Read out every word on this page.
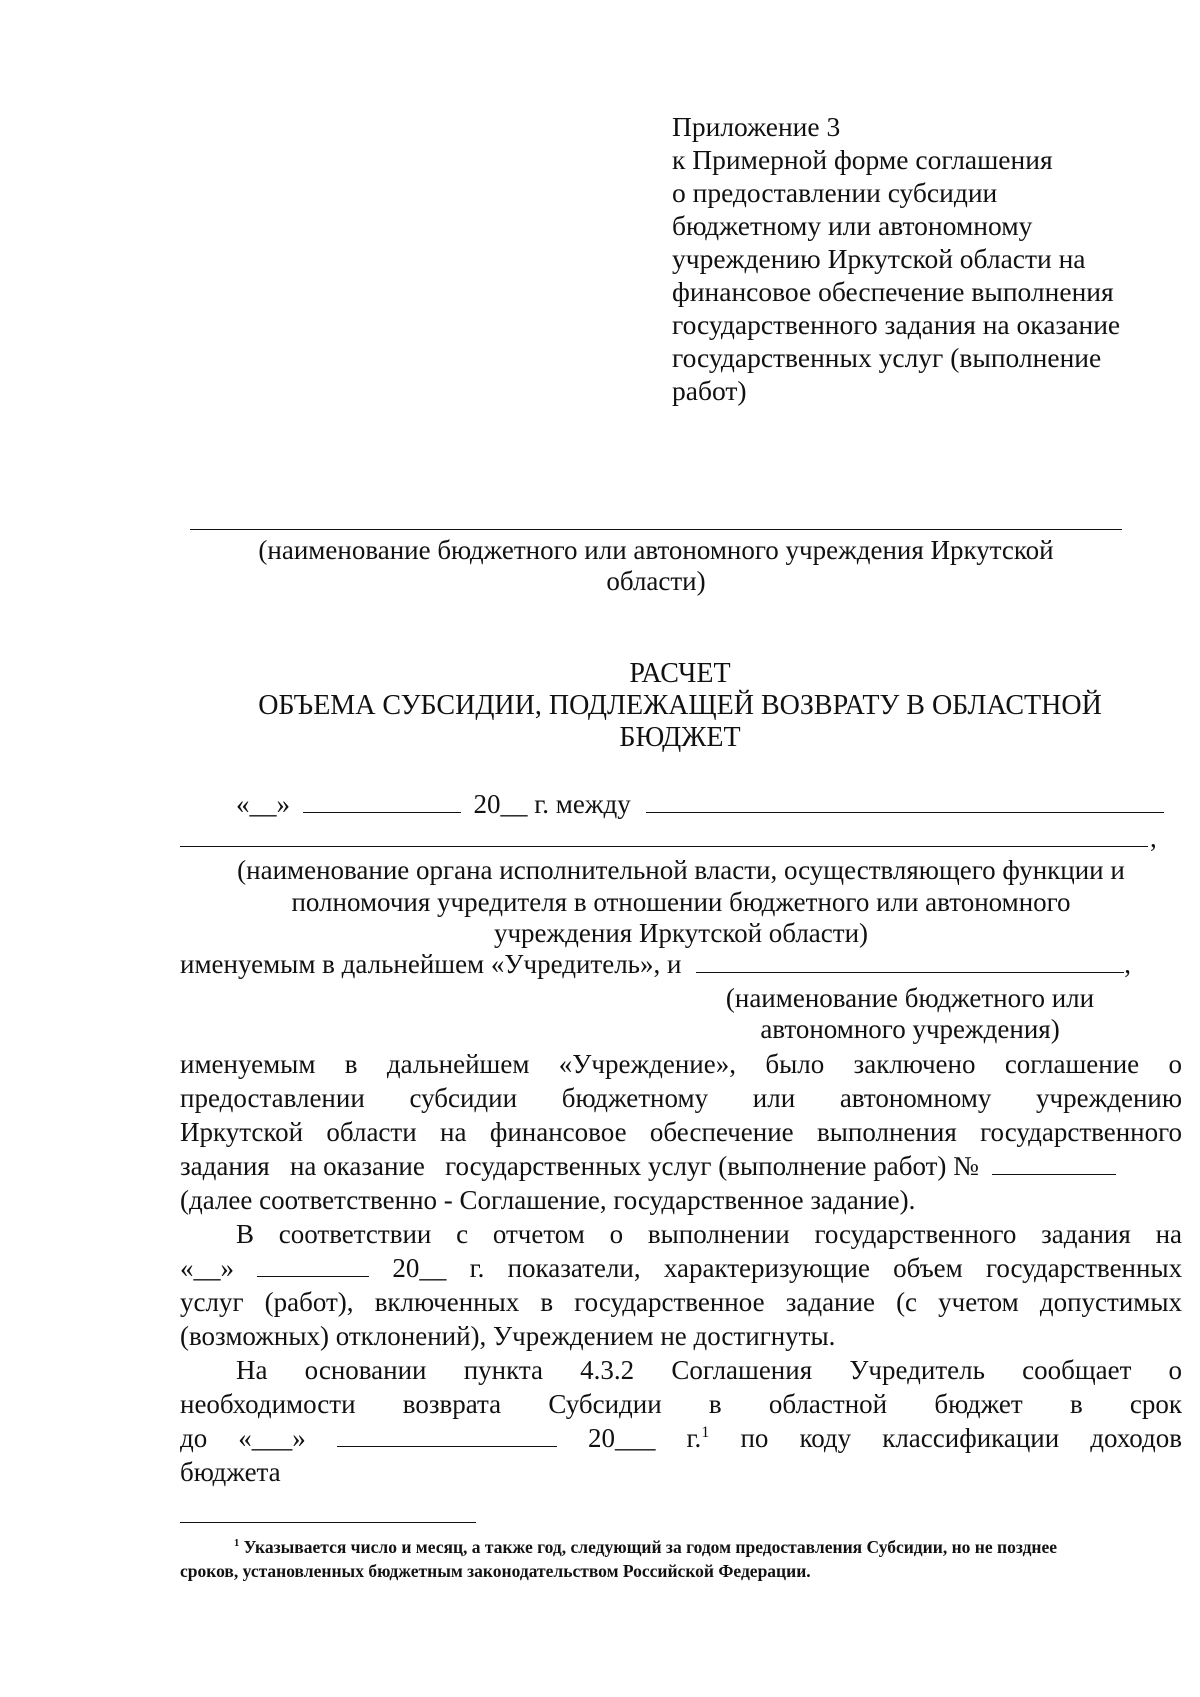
Приложение 3
к Примерной форме соглашения
о предоставлении субсидии
бюджетному или автономному
учреждению Иркутской области на
финансовое обеспечение выполнения
государственного задания на оказание
государственных услуг (выполнение
работ)
(наименование бюджетного или автономного учреждения Иркутской
области)
РАСЧЕТ
ОБЪЕМА СУБСИДИИ, ПОДЛЕЖАЩЕЙ ВОЗВРАТУ В ОБЛАСТНОЙ
БЮДЖЕТ
«__»	20__ г. между
,
(наименование органа исполнительной власти, осуществляющего функции и
полномочия учредителя в отношении бюджетного или автономного
учреждения Иркутской области)
именуемым в дальнейшем «Учредитель», и	,
(наименование бюджетного или
автономного учреждения)
именуемым в дальнейшем «Учреждение», было заключено соглашение о
предоставлении субсидии бюджетному или автономному учреждению
Иркутской области на финансовое обеспечение выполнения государственного
задания   на оказание   государственных услуг (выполнение работ) №
(далее соответственно - Соглашение, государственное задание).
В соответствии с отчетом о выполнении государственного задания на
«__»	20__ г. показатели, характеризующие объем государственных
услуг (работ), включенных в государственное задание (с учетом допустимых
(возможных) отклонений), Учреждением не достигнуты.
На основании пункта 4.3.2 Соглашения Учредитель сообщает о
необходимости возврата Субсидии в областной бюджет в срок
до «___»	20___ г.$^1$ по коду классификации доходов
бюджета
$^1$ Указывается число и месяц, а также год, следующий за годом предоставления Субсидии, но не позднее
сроков, установленных бюджетным законодательством Российской Федерации.
